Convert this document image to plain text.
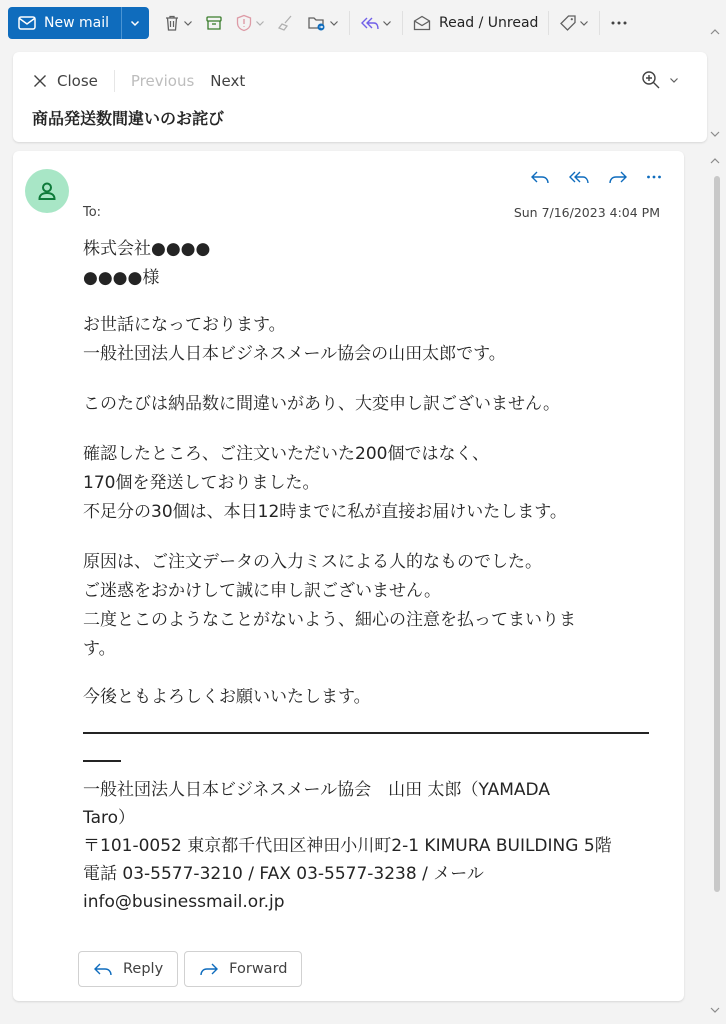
New mail	Read / Unread
Close Previous Next
商品発送数間違いのお詫び
To:	Sun 7/16/2023 4:04 PM

株式会社●●●●

●●●●様

お世話になっております。

一般社団法人日本ビジネスメール協会の山田太郎です。

このたびは納品数に間違いがあり、大変申し訳ございません。

確認したところ、ご注文いただいた200個ではなく、

170個を発送しておりました。

不足分の30個は、本日12時までに私が直接お届けいたします。

原因は、ご注文データの入力ミスによる人的なものでした。

ご迷惑をおかけして誠に申し訳ございません。

二度とこのようなことがないよう、細心の注意を払ってまいりま

す。

今後ともよろしくお願いいたします。

一般社団法人日本ビジネスメール協会　山田 太郎（YAMADA

Taro）

〒101-0052 東京都千代田区神田小川町2-1 KIMURA BUILDING 5階

電話 03-5577-3210 / FAX 03-5577-3238 / メール

info@businessmail.or.jp

Reply	Forward
